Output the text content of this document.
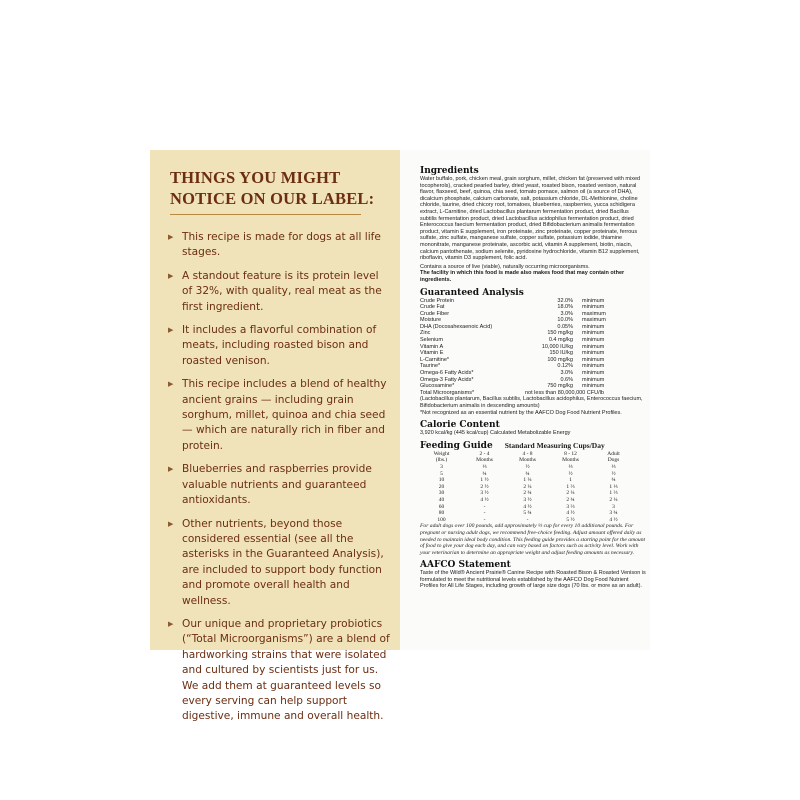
THINGS YOU MIGHT
NOTICE ON OUR LABEL:
▶ This recipe is made for dogs at all life stages.
▶ A standout feature is its protein level of 32%, with quality, real meat as the first ingredient.
▶ It includes a flavorful combination of meats, including roasted bison and roasted venison.
▶ This recipe includes a blend of healthy ancient grains — including grain sorghum, millet, quinoa and chia seed — which are naturally rich in fiber and protein.
▶ Blueberries and raspberries provide valuable nutrients and guaranteed antioxidants.
▶ Other nutrients, beyond those considered essential (see all the asterisks in the Guaranteed Analysis), are included to support body function and promote overall health and wellness.
▶ Our unique and proprietary probiotics (“Total Microorganisms”) are a blend of hardworking strains that were isolated and cultured by scientists just for us. We add them at guaranteed levels so every serving can help support digestive, immune and overall health.
Ingredients
Water buffalo, pork, chicken meal, grain sorghum, millet, chicken fat (preserved with mixed tocopherols), cracked pearled barley, dried yeast, roasted bison, roasted venison, natural flavor, flaxseed, beef, quinoa, chia seed, tomato pomace, salmon oil (a source of DHA), dicalcium phosphate, calcium carbonate, salt, potassium chloride, DL-Methionine, choline chloride, taurine, dried chicory root, tomatoes, blueberries, raspberries, yucca schidigera extract, L-Carnitine, dried Lactobacillus plantarum fermentation product, dried Bacillus subtilis fermentation product, dried Lactobacillus acidophilus fermentation product, dried Enterococcus faecium fermentation product, dried Bifidobacterium animalis fermentation product, vitamin E supplement, iron proteinate, zinc proteinate, copper proteinate, ferrous sulfate, zinc sulfate, manganese sulfate, copper sulfate, potassium iodide, thiamine mononitrate, manganese proteinate, ascorbic acid, vitamin A supplement, biotin, niacin, calcium pantothenate, sodium selenite, pyridoxine hydrochloride, vitamin B12 supplement, riboflavin, vitamin D3 supplement, folic acid.
Contains a source of live (viable), naturally occurring microorganisms.
The facility in which this food is made also makes food that may contain other ingredients.
Guaranteed Analysis
Crude Protein	32.0%	minimum
Crude Fat	18.0%	minimum
Crude Fiber	3.0%	maximum
Moisture	10.0%	maximum
DHA (Docosahexaenoic Acid)	0.05%	minimum
Zinc	150 mg/kg	minimum
Selenium	0.4 mg/kg	minimum
Vitamin A	10,000 IU/kg	minimum
Vitamin E	150 IU/kg	minimum
L-Carnitine*	100 mg/kg	minimum
Taurine*	0.12%	minimum
Omega-6 Fatty Acids*	3.0%	minimum
Omega-3 Fatty Acids*	0.6%	minimum
Glucosamine*	750 mg/kg	minimum
Total Microorganisms*	not less than 80,000,000 CFU/lb
(Lactobacillus plantarum, Bacillus subtilis, Lactobacillus acidophilus, Enterococcus faecium, Bifidobacterium animalis in descending amounts)
*Not recognized as an essential nutrient by the AAFCO Dog Food Nutrient Profiles.
Calorie Content
3,920 kcal/kg (445 kcal/cup) Calculated Metabolizable Energy
Feeding Guide Standard Measuring Cups/Day
Weight	2 - 4	4 - 8	8 - 12	Adult
(lbs.)	Months	Months	Months	Dogs
3	⅓	½	⅓	⅓
5	¾	¾	½	½
10	1 ½	1 ¼	1	¾
20	2 ½	2 ¼	1 ⅔	1 ⅓
30	3 ½	2 ¾	2 ¼	1 ⅔
40	4 ½	3 ½	2 ¾	2 ¼
60	-	4 ½	3 ⅔	3
80	-	5 ¾	4 ½	3 ¾
100	-	-	5 ½	4 ½
For adult dogs over 100 pounds, add approximately ⅓ cup for every 10 additional pounds. For pregnant or nursing adult dogs, we recommend free-choice feeding. Adjust amount offered daily as needed to maintain ideal body condition. This feeding guide provides a starting point for the amount of food to give your dog each day, and can vary based on factors such as activity level. Work with your veterinarian to determine an appropriate weight and adjust feeding amounts as necessary.
AAFCO Statement
Taste of the Wild® Ancient Prairie® Canine Recipe with Roasted Bison & Roasted Venison is formulated to meet the nutritional levels established by the AAFCO Dog Food Nutrient Profiles for All Life Stages, including growth of large size dogs (70 lbs. or more as an adult).
